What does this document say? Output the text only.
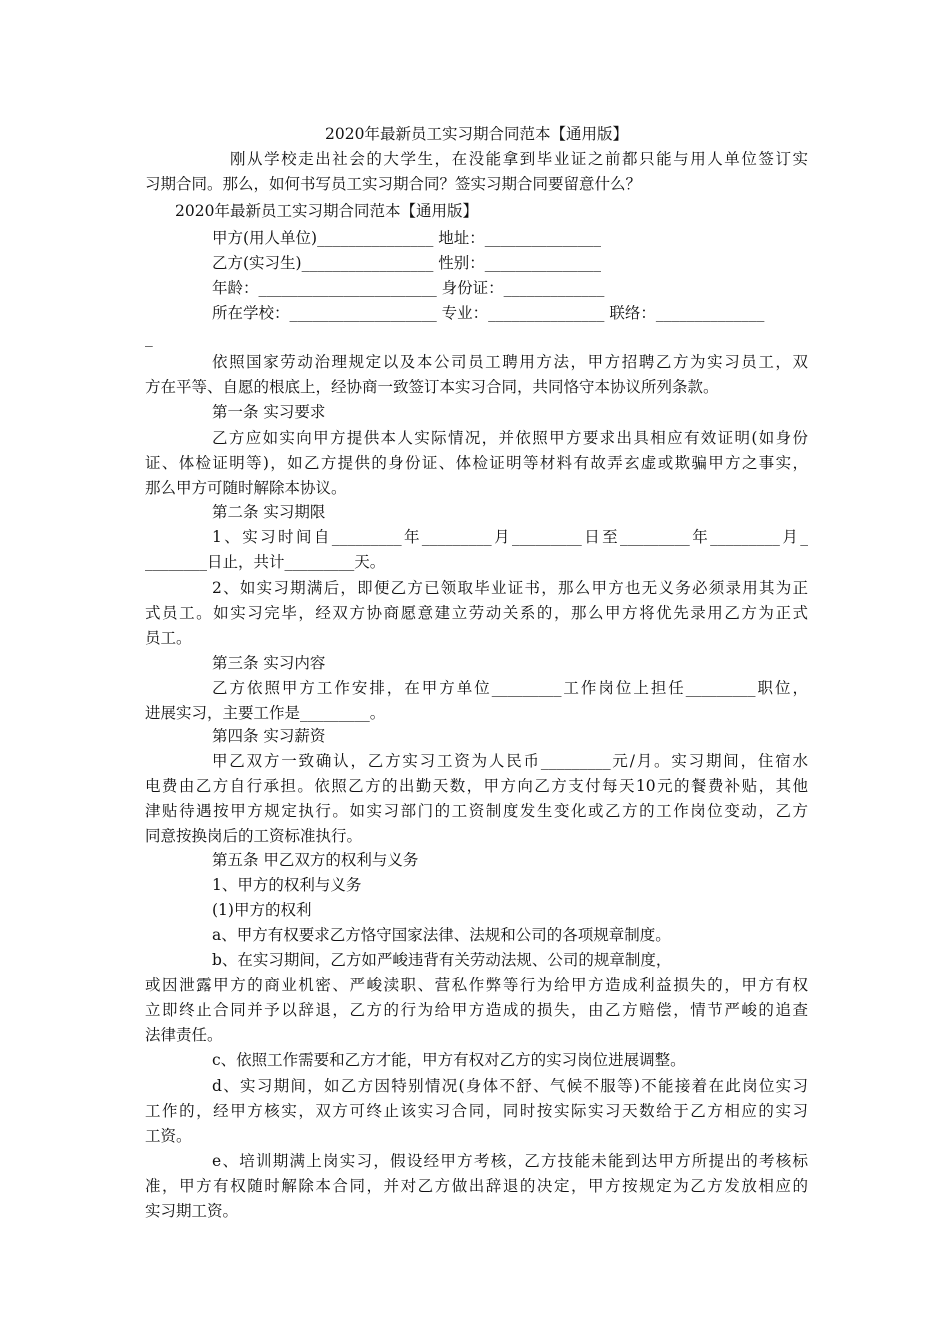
2020年最新员工实习期合同范本【通用版】
刚从学校走出社会的大学生，在没能拿到毕业证之前都只能与用人单位签订实
习期合同。那么，如何书写员工实习期合同？签实习期合同要留意什么？
2020年最新员工实习期合同范本【通用版】
甲方(用人单位)_______________ 地址：_______________
乙方(实习生)_________________ 性别：_______________
年龄：_______________________ 身份证：_____________
所在学校：___________________ 专业：_______________ 联络：______________
_
依照国家劳动治理规定以及本公司员工聘用方法，甲方招聘乙方为实习员工，双
方在平等、自愿的根底上，经协商一致签订本实习合同，共同恪守本协议所列条款。
第一条 实习要求
乙方应如实向甲方提供本人实际情况，并依照甲方要求出具相应有效证明(如身份
证、体检证明等)，如乙方提供的身份证、体检证明等材料有故弄玄虚或欺骗甲方之事实，
那么甲方可随时解除本协议。
第二条 实习期限
1、实习时间自_________年_________月_________日至_________年_________月_
________日止，共计_________天。
2、如实习期满后，即便乙方已领取毕业证书，那么甲方也无义务必须录用其为正
式员工。如实习完毕，经双方协商愿意建立劳动关系的，那么甲方将优先录用乙方为正式
员工。
第三条 实习内容
乙方依照甲方工作安排，在甲方单位_________工作岗位上担任_________职位，
进展实习，主要工作是_________。
第四条 实习薪资
甲乙双方一致确认，乙方实习工资为人民币_________元/月。实习期间，住宿水
电费由乙方自行承担。依照乙方的出勤天数，甲方向乙方支付每天10元的餐费补贴，其他
津贴待遇按甲方规定执行。如实习部门的工资制度发生变化或乙方的工作岗位变动，乙方
同意按换岗后的工资标准执行。
第五条 甲乙双方的权利与义务
1、甲方的权利与义务
(1)甲方的权利
a、甲方有权要求乙方恪守国家法律、法规和公司的各项规章制度。
b、在实习期间，乙方如严峻违背有关劳动法规、公司的规章制度，
或因泄露甲方的商业机密、严峻渎职、营私作弊等行为给甲方造成利益损失的，甲方有权
立即终止合同并予以辞退，乙方的行为给甲方造成的损失，由乙方赔偿，情节严峻的追查
法律责任。
c、依照工作需要和乙方才能，甲方有权对乙方的实习岗位进展调整。
d、实习期间，如乙方因特别情况(身体不舒、气候不服等)不能接着在此岗位实习
工作的，经甲方核实，双方可终止该实习合同，同时按实际实习天数给于乙方相应的实习
工资。
e、培训期满上岗实习，假设经甲方考核，乙方技能未能到达甲方所提出的考核标
准，甲方有权随时解除本合同，并对乙方做出辞退的决定，甲方按规定为乙方发放相应的
实习期工资。
